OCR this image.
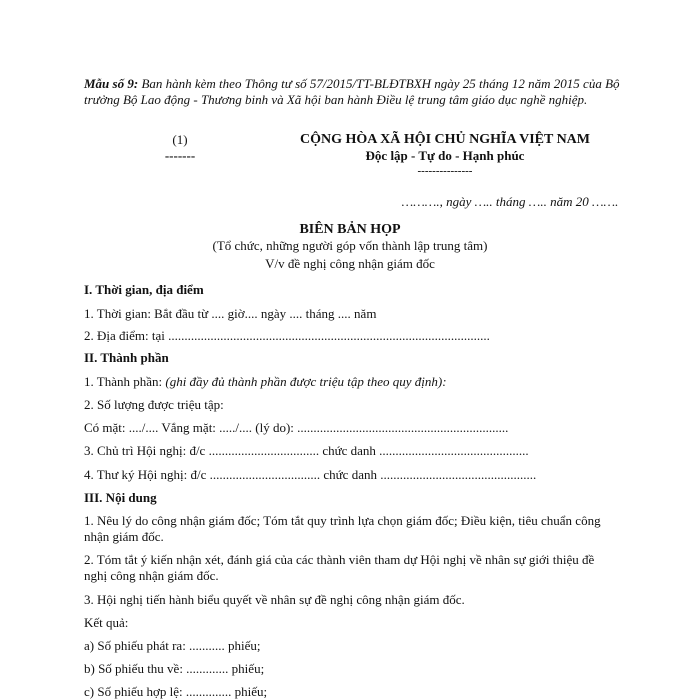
Mẫu số 9: Ban hành kèm theo Thông tư số 57/2015/TT-BLĐTBXH ngày 25 tháng 12 năm 2015 của Bộ trưởng Bộ Lao động - Thương binh và Xã hội ban hành Điều lệ trung tâm giáo dục nghề nghiệp.
(1)
-------
CỘNG HÒA XÃ HỘI CHỦ NGHĨA VIỆT NAM
Độc lập - Tự do - Hạnh phúc
---------------
………., ngày ….. tháng ….. năm 20 …….
BIÊN BẢN HỌP
(Tổ chức, những người góp vốn thành lập trung tâm)
V/v đề nghị công nhận giám đốc
I. Thời gian, địa điểm
1. Thời gian: Bắt đầu từ .... giờ.... ngày .... tháng .... năm
2. Địa điểm: tại ...................................................................................................
II. Thành phần
1. Thành phần: (ghi đầy đủ thành phần được triệu tập theo quy định):
2. Số lượng được triệu tập:
Có mặt: ..../.... Vắng mặt: ...../.... (lý do): .................................................................
3. Chủ trì Hội nghị: đ/c .................................. chức danh ..............................................
4. Thư ký Hội nghị: đ/c .................................. chức danh ................................................
III. Nội dung
1. Nêu lý do công nhận giám đốc; Tóm tắt quy trình lựa chọn giám đốc; Điều kiện, tiêu chuẩn công nhận giám đốc.
2. Tóm tắt ý kiến nhận xét, đánh giá của các thành viên tham dự Hội nghị về nhân sự giới thiệu đề nghị công nhận giám đốc.
3. Hội nghị tiến hành biểu quyết về nhân sự đề nghị công nhận giám đốc.
Kết quả:
a) Số phiếu phát ra: ........... phiếu;
b) Số phiếu thu về: ............. phiếu;
c) Số phiếu hợp lệ: .............. phiếu;
